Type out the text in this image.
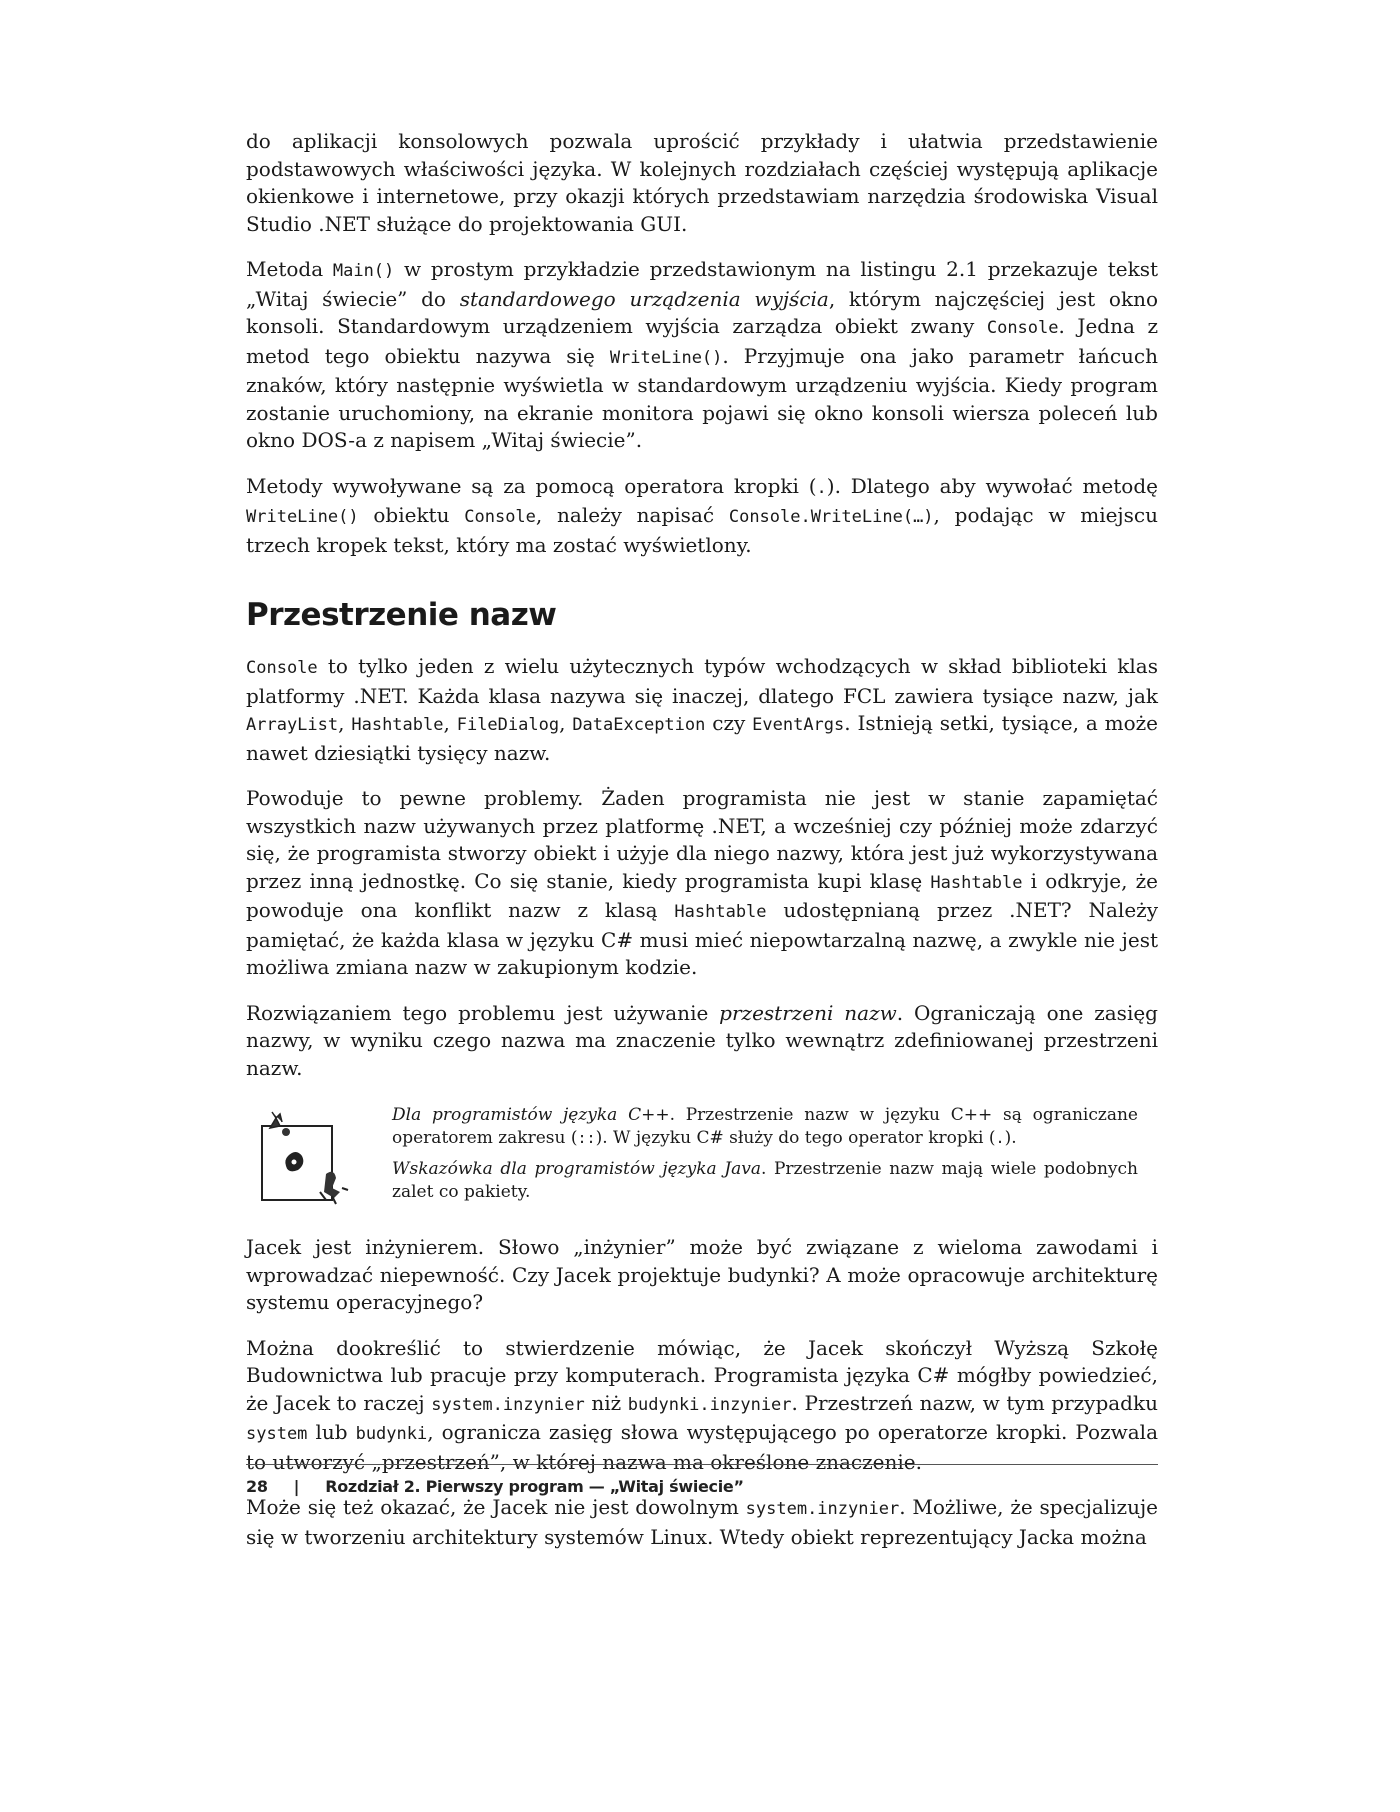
do aplikacji konsolowych pozwala uprościć przykłady i ułatwia przedstawienie podstawowych właściwości języka. W kolejnych rozdziałach częściej występują aplikacje okienkowe i internetowe, przy okazji których przedstawiam narzędzia środowiska Visual Studio .NET służące do projektowania GUI.

Metoda Main() w prostym przykładzie przedstawionym na listingu 2.1 przekazuje tekst „Witaj świecie” do standardowego urządzenia wyjścia, którym najczęściej jest okno konsoli. Standardowym urządzeniem wyjścia zarządza obiekt zwany Console. Jedna z metod tego obiektu nazywa się WriteLine(). Przyjmuje ona jako parametr łańcuch znaków, który następnie wyświetla w standardowym urządzeniu wyjścia. Kiedy program zostanie uruchomiony, na ekranie monitora pojawi się okno konsoli wiersza poleceń lub okno DOS-a z napisem „Witaj świecie”.

Metody wywoływane są za pomocą operatora kropki (.). Dlatego aby wywołać metodę WriteLine() obiektu Console, należy napisać Console.WriteLine(…), podając w miejscu trzech kropek tekst, który ma zostać wyświetlony.

Przestrzenie nazw

Console to tylko jeden z wielu użytecznych typów wchodzących w skład biblioteki klas platformy .NET. Każda klasa nazywa się inaczej, dlatego FCL zawiera tysiące nazw, jak ArrayList, Hashtable, FileDialog, DataException czy EventArgs. Istnieją setki, tysiące, a może nawet dziesiątki tysięcy nazw.

Powoduje to pewne problemy. Żaden programista nie jest w stanie zapamiętać wszystkich nazw używanych przez platformę .NET, a wcześniej czy później może zdarzyć się, że programista stworzy obiekt i użyje dla niego nazwy, która jest już wykorzystywana przez inną jednostkę. Co się stanie, kiedy programista kupi klasę Hashtable i odkryje, że powoduje ona konflikt nazw z klasą Hashtable udostępnianą przez .NET? Należy pamiętać, że każda klasa w języku C# musi mieć niepowtarzalną nazwę, a zwykle nie jest możliwa zmiana nazw w zakupionym kodzie.

Rozwiązaniem tego problemu jest używanie przestrzeni nazw. Ograniczają one zasięg nazwy, w wyniku czego nazwa ma znaczenie tylko wewnątrz zdefiniowanej przestrzeni nazw.

Dla programistów języka C++. Przestrzenie nazw w języku C++ są ograniczane operatorem zakresu (::). W języku C# służy do tego operator kropki (.).

Wskazówka dla programistów języka Java. Przestrzenie nazw mają wiele podobnych zalet co pakiety.

Jacek jest inżynierem. Słowo „inżynier” może być związane z wieloma zawodami i wprowadzać niepewność. Czy Jacek projektuje budynki? A może opracowuje architekturę systemu operacyjnego?

Można dookreślić to stwierdzenie mówiąc, że Jacek skończył Wyższą Szkołę Budownictwa lub pracuje przy komputerach. Programista języka C# mógłby powiedzieć, że Jacek to raczej system.inzynier niż budynki.inzynier. Przestrzeń nazw, w tym przypadku system lub budynki, ogranicza zasięg słowa występującego po operatorze kropki. Pozwala to utworzyć „przestrzeń”, w której nazwa ma określone znaczenie.

Może się też okazać, że Jacek nie jest dowolnym system.inzynier. Możliwe, że specjalizuje się w tworzeniu architektury systemów Linux. Wtedy obiekt reprezentujący Jacka można

28 | Rozdział 2. Pierwszy program — „Witaj świecie”
